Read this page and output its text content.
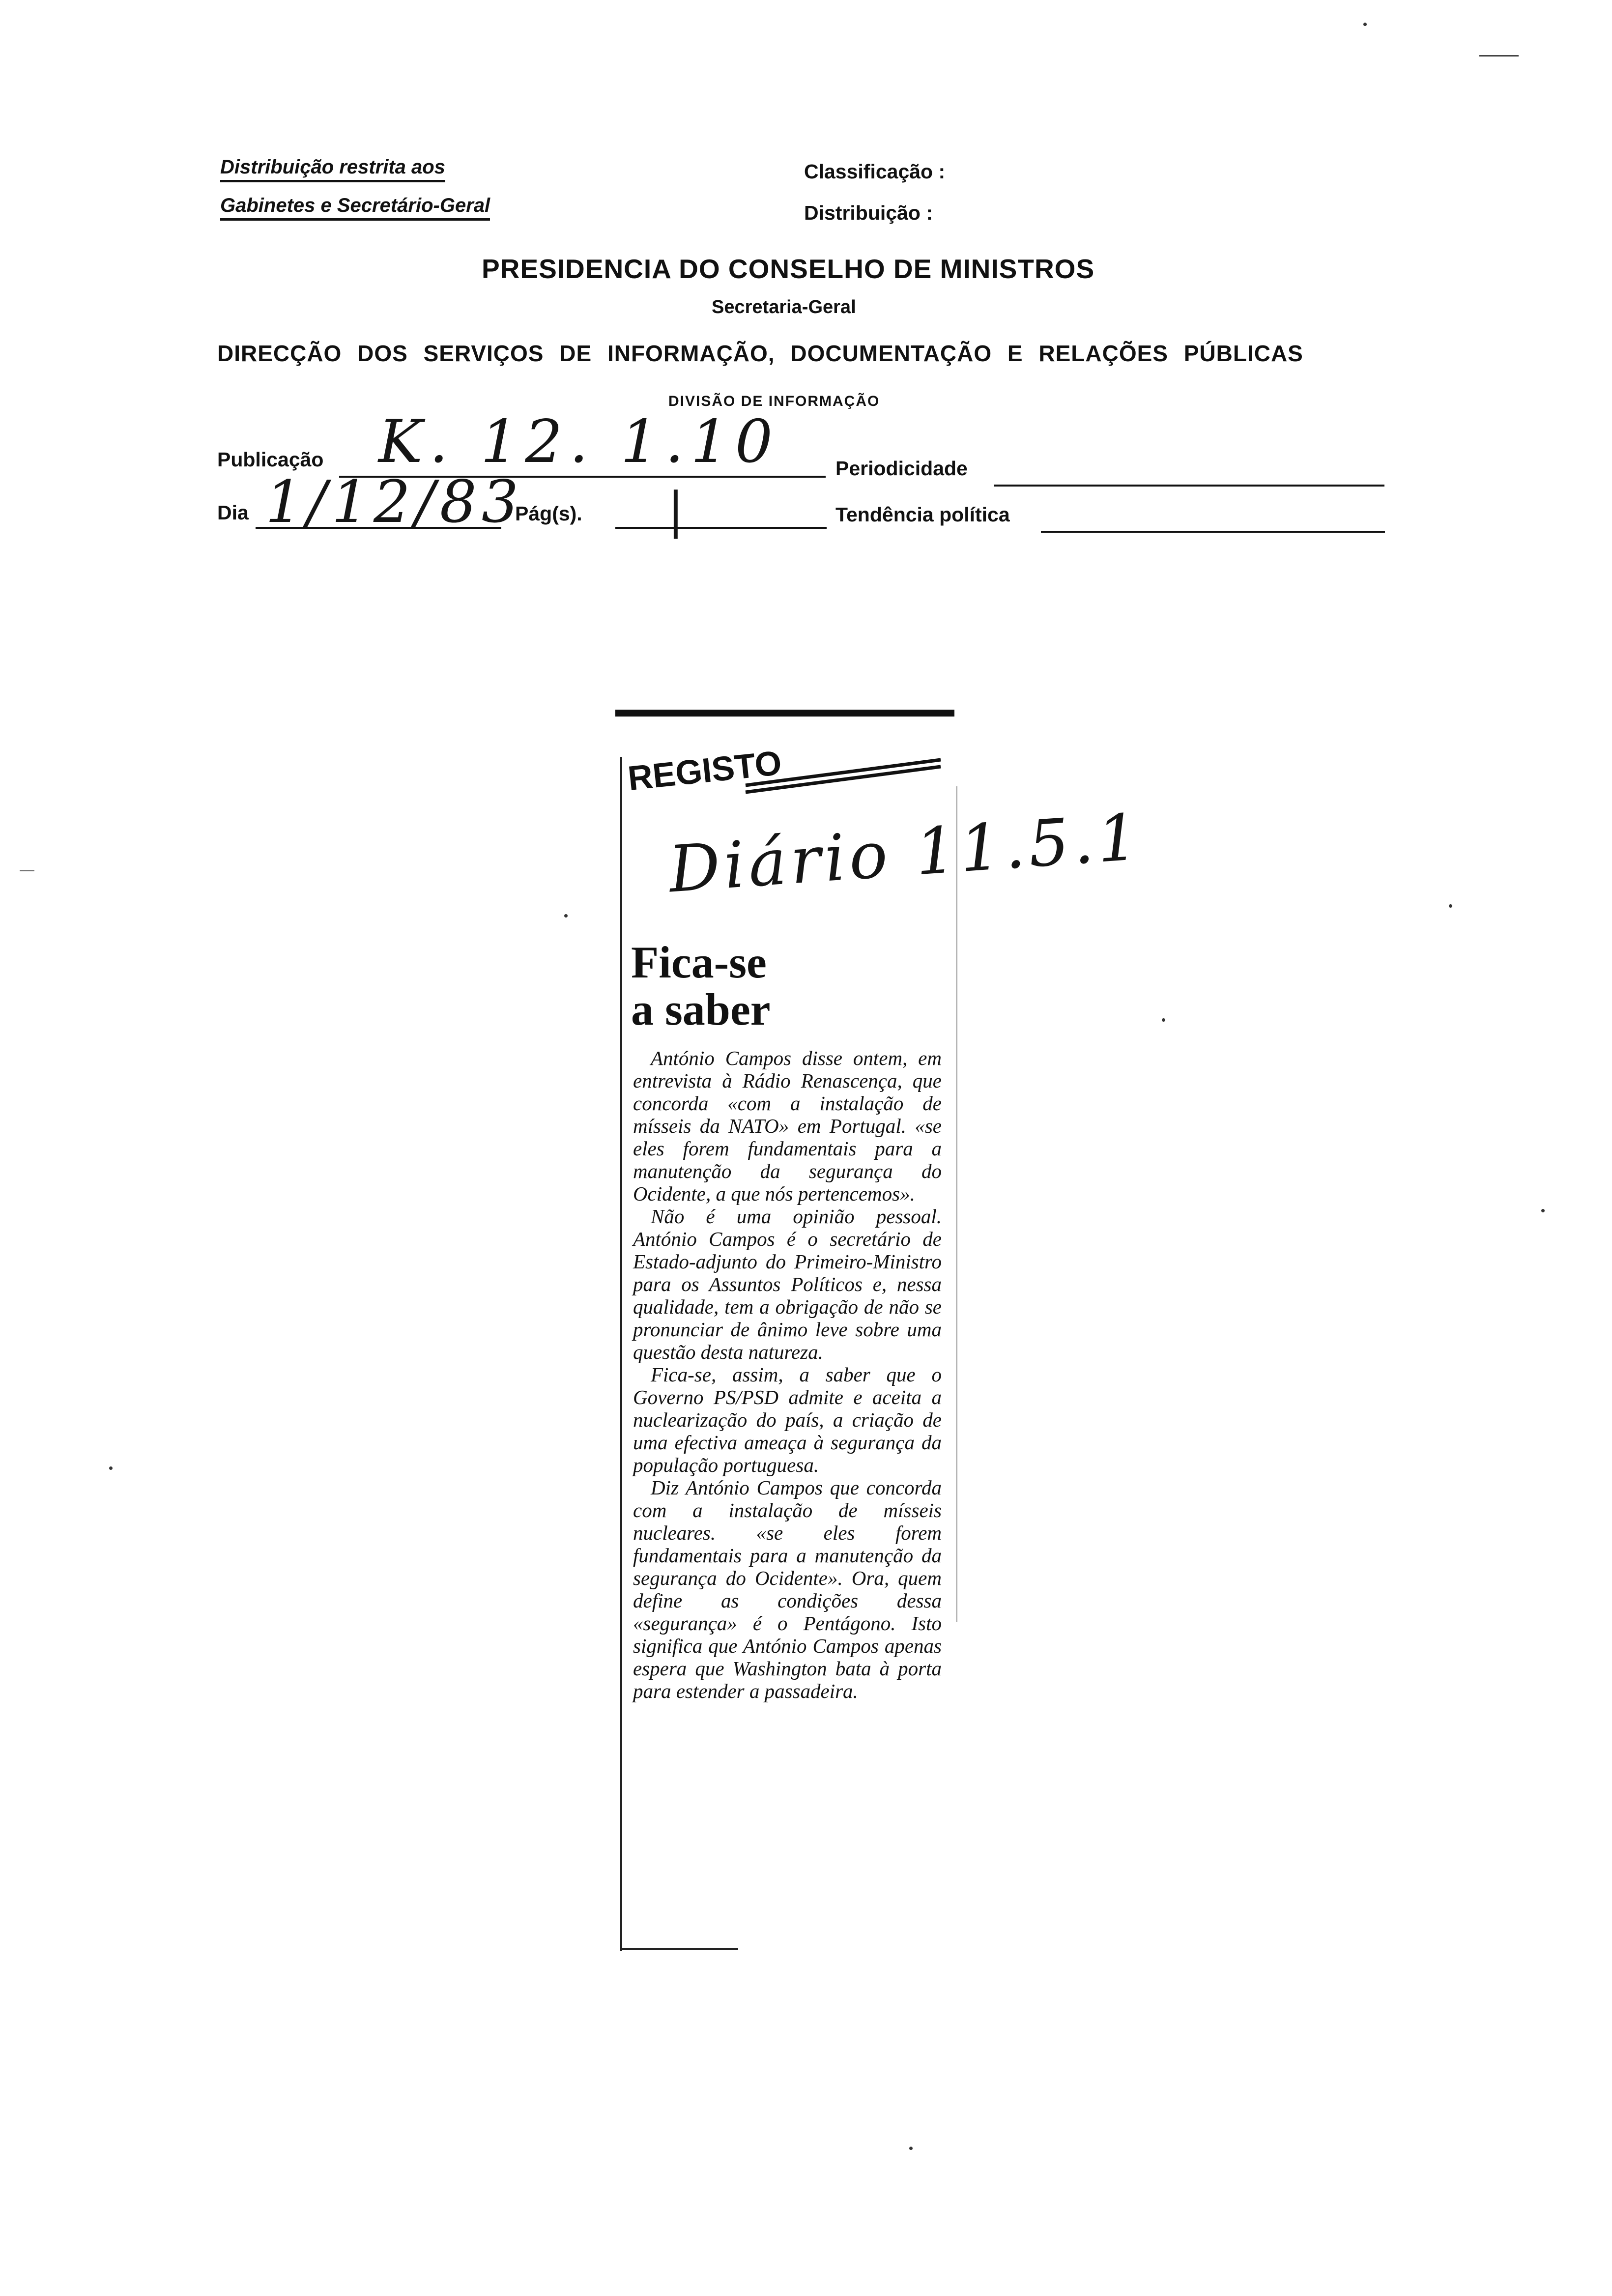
Distribuição restrita aos
Gabinetes e Secretário-Geral
Classificação :
Distribuição :
PRESIDENCIA DO CONSELHO DE MINISTROS
Secretaria-Geral
DIRECÇÃO DOS SERVIÇOS DE INFORMAÇÃO, DOCUMENTAÇÃO E RELAÇÕES PÚBLICAS
DIVISÃO DE INFORMAÇÃO
Publicação K. 12. 1.10	Periodicidade
Dia 1/12/83
Pág(s). |	Tendência política
REGISTO
Diário 11.5.1
Fica-se
a saber

António Campos disse ontem, em entrevista à Rádio Renascença, que concorda «com a instalação de mísseis da NATO» em Portugal. «se eles forem fundamentais para a manutenção da segurança do Ocidente, a que nós pertencemos».

Não é uma opinião pessoal. António Campos é o secretário de Estado-adjunto do Primeiro-Ministro para os Assuntos Políticos e, nessa qualidade, tem a obrigação de não se pronunciar de ânimo leve sobre uma questão desta natureza.

Fica-se, assim, a saber que o Governo PS/PSD admite e aceita a nuclearização do país, a criação de uma efectiva ameaça à segurança da população portuguesa.

Diz António Campos que concorda com a instalação de mísseis nucleares. «se eles forem fundamentais para a manutenção da segurança do Ocidente». Ora, quem define as condições dessa «segurança» é o Pentágono. Isto significa que António Campos apenas espera que Washington bata à porta para estender a passadeira.
